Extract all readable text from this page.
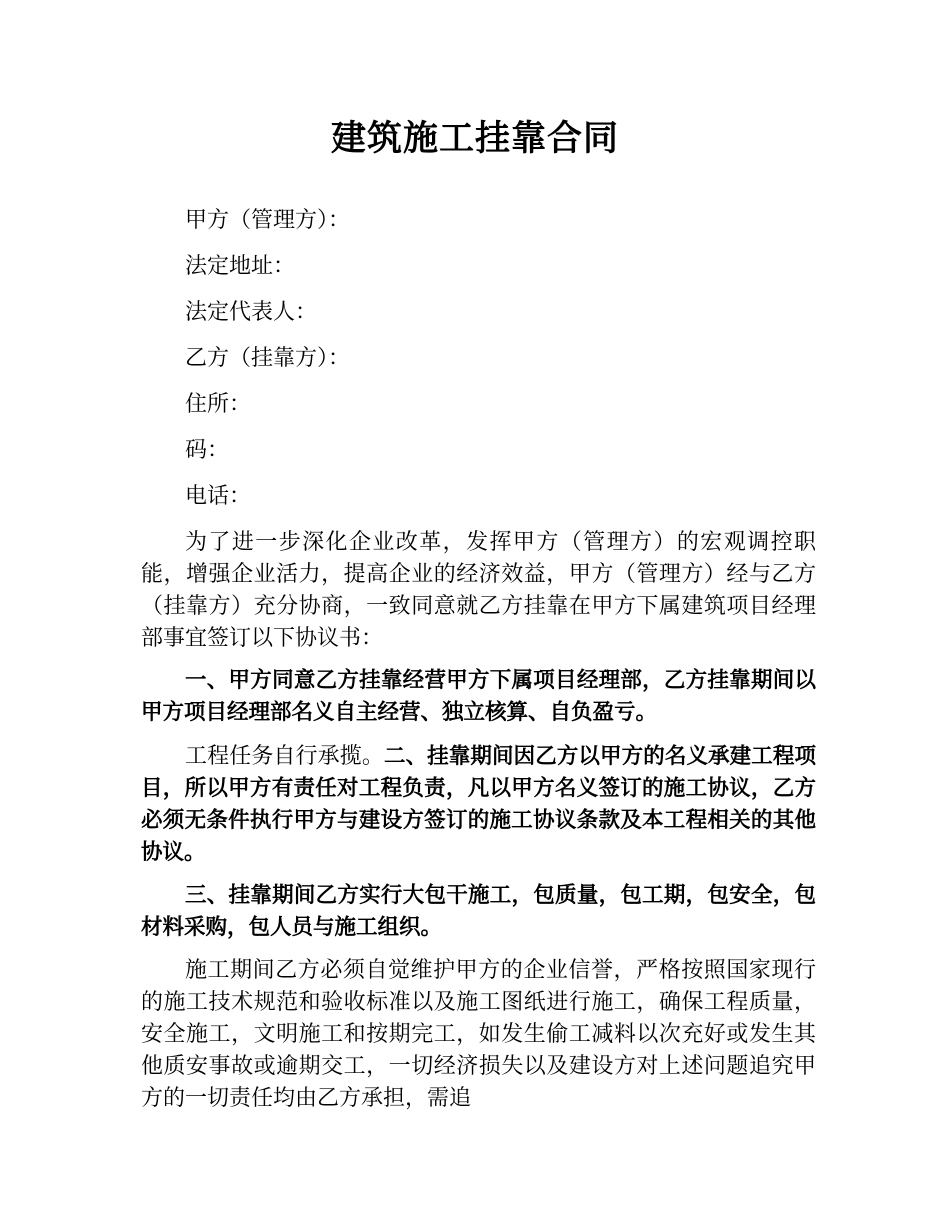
建筑施工挂靠合同
甲方（管理方）：
法定地址：
法定代表人：
乙方（挂靠方）：
住所：
码：
电话：
为了进一步深化企业改革，发挥甲方（管理方）的宏观调控职能，增强企业活力，提高企业的经济效益，甲方（管理方）经与乙方（挂靠方）充分协商，一致同意就乙方挂靠在甲方下属建筑项目经理部事宜签订以下协议书：
一、甲方同意乙方挂靠经营甲方下属项目经理部，乙方挂靠期间以甲方项目经理部名义自主经营、独立核算、自负盈亏。
工程任务自行承揽。二、挂靠期间因乙方以甲方的名义承建工程项目，所以甲方有责任对工程负责，凡以甲方名义签订的施工协议，乙方必须无条件执行甲方与建设方签订的施工协议条款及本工程相关的其他协议。
三、挂靠期间乙方实行大包干施工，包质量，包工期，包安全，包材料采购，包人员与施工组织。
施工期间乙方必须自觉维护甲方的企业信誉，严格按照国家现行的施工技术规范和验收标准以及施工图纸进行施工，确保工程质量，安全施工，文明施工和按期完工，如发生偷工减料以次充好或发生其他质安事故或逾期交工，一切经济损失以及建设方对上述问题追究甲方的一切责任均由乙方承担，需追
